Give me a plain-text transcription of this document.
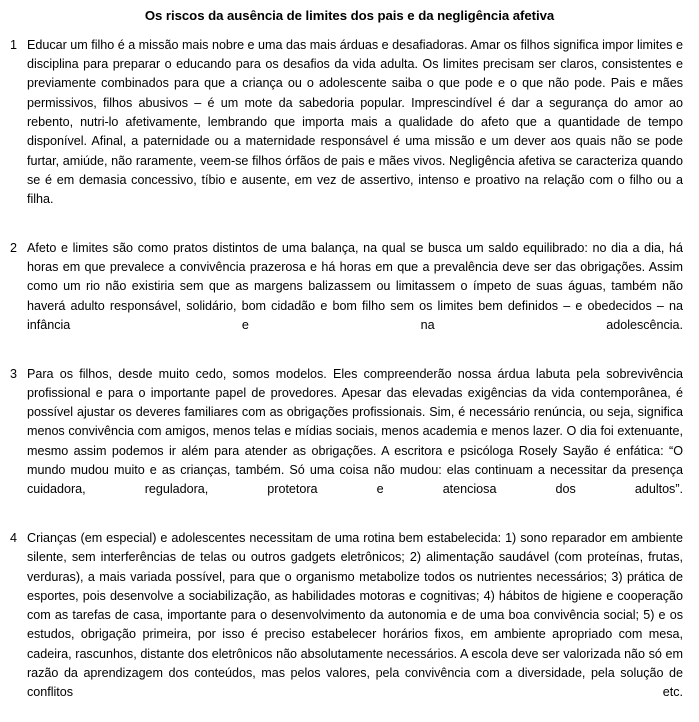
Os riscos da ausência de limites dos pais e da negligência afetiva
1 Educar um filho é a missão mais nobre e uma das mais árduas e desafiadoras. Amar os filhos significa impor limites e disciplina para preparar o educando para os desafios da vida adulta. Os limites precisam ser claros, consistentes e previamente combinados para que a criança ou o adolescente saiba o que pode e o que não pode. Pais e mães permissivos, filhos abusivos – é um mote da sabedoria popular. Imprescindível é dar a segurança do amor ao rebento, nutri-lo afetivamente, lembrando que importa mais a qualidade do afeto que a quantidade de tempo disponível. Afinal, a paternidade ou a maternidade responsável é uma missão e um dever aos quais não se pode furtar, amiúde, não raramente, veem-se filhos órfãos de pais e mães vivos. Negligência afetiva se caracteriza quando se é em demasia concessivo, tíbio e ausente, em vez de assertivo, intenso e proativo na relação com o filho ou a filha.
2 Afeto e limites são como pratos distintos de uma balança, na qual se busca um saldo equilibrado: no dia a dia, há horas em que prevalece a convivência prazerosa e há horas em que a prevalência deve ser das obrigações. Assim como um rio não existiria sem que as margens balizassem ou limitassem o ímpeto de suas águas, também não haverá adulto responsável, solidário, bom cidadão e bom filho sem os limites bem definidos – e obedecidos – na infância e na adolescência.
3 Para os filhos, desde muito cedo, somos modelos. Eles compreenderão nossa árdua labuta pela sobrevivência profissional e para o importante papel de provedores. Apesar das elevadas exigências da vida contemporânea, é possível ajustar os deveres familiares com as obrigações profissionais. Sim, é necessário renúncia, ou seja, significa menos convivência com amigos, menos telas e mídias sociais, menos academia e menos lazer. O dia foi extenuante, mesmo assim podemos ir além para atender as obrigações. A escritora e psicóloga Rosely Sayão é enfática: “O mundo mudou muito e as crianças, também. Só uma coisa não mudou: elas continuam a necessitar da presença cuidadora, reguladora, protetora e atenciosa dos adultos”.
4 Crianças (em especial) e adolescentes necessitam de uma rotina bem estabelecida: 1) sono reparador em ambiente silente, sem interferências de telas ou outros gadgets eletrônicos; 2) alimentação saudável (com proteínas, frutas, verduras), a mais variada possível, para que o organismo metabolize todos os nutrientes necessários; 3) prática de esportes, pois desenvolve a sociabilização, as habilidades motoras e cognitivas; 4) hábitos de higiene e cooperação com as tarefas de casa, importante para o desenvolvimento da autonomia e de uma boa convivência social; 5) e os estudos, obrigação primeira, por isso é preciso estabelecer horários fixos, em ambiente apropriado com mesa, cadeira, rascunhos, distante dos eletrônicos não absolutamente necessários. A escola deve ser valorizada não só em razão da aprendizagem dos conteúdos, mas pelos valores, pela convivência com a diversidade, pela solução de conflitos etc.
